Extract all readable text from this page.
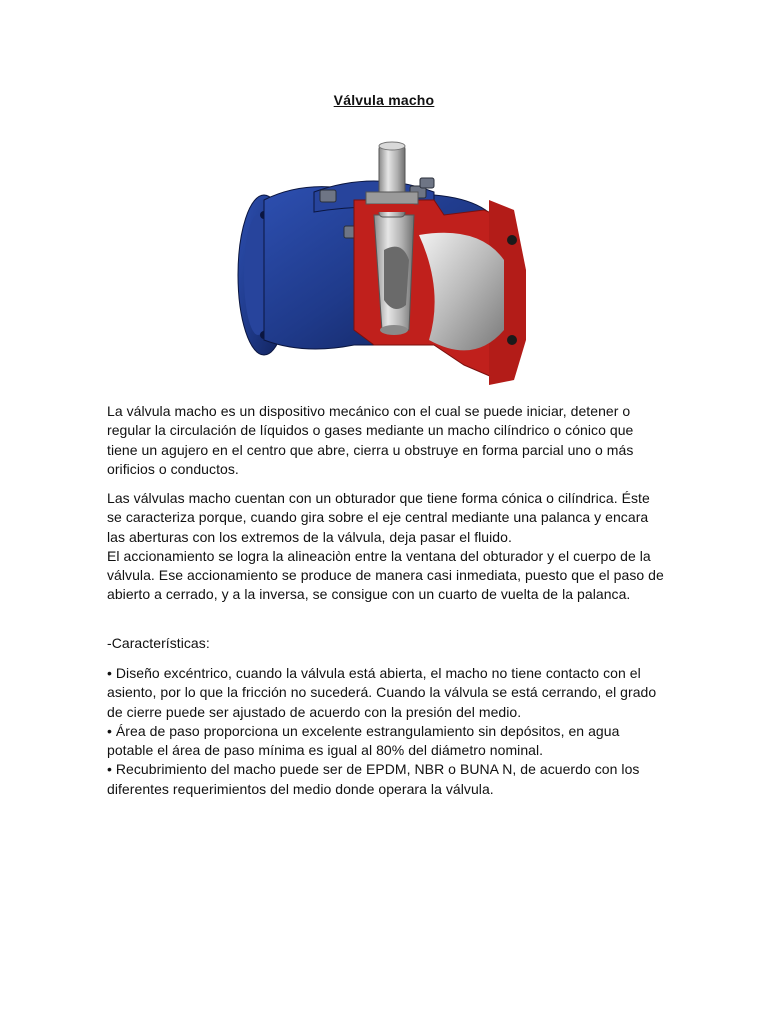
Válvula macho

La válvula macho es un dispositivo mecánico con el cual se puede iniciar, detener o regular la circulación de líquidos o gases mediante un macho cilíndrico o cónico que tiene un agujero en el centro que abre, cierra u obstruye en forma parcial uno o más orificios o conductos.

Las válvulas macho cuentan con un obturador que tiene forma cónica o cilíndrica. Éste se caracteriza porque, cuando gira sobre el eje central mediante una palanca y encara las aberturas con los extremos de la válvula, deja pasar el fluido.

El accionamiento se logra la alineaciòn entre la ventana del obturador y el cuerpo de la válvula. Ese accionamiento se produce de manera casi inmediata, puesto que el paso de abierto a cerrado, y a la inversa, se consigue con un cuarto de vuelta de la palanca.

-Características:

• Diseño excéntrico, cuando la válvula está abierta, el macho no tiene contacto con el asiento, por lo que la fricción no sucederá. Cuando la válvula se está cerrando, el grado de cierre puede ser ajustado de acuerdo con la presión del medio.

• Área de paso proporciona un excelente estrangulamiento sin depósitos, en agua potable el área de paso mínima es igual al 80% del diámetro nominal.

• Recubrimiento del macho puede ser de EPDM, NBR o BUNA N, de acuerdo con los diferentes requerimientos del medio donde operara la válvula.
